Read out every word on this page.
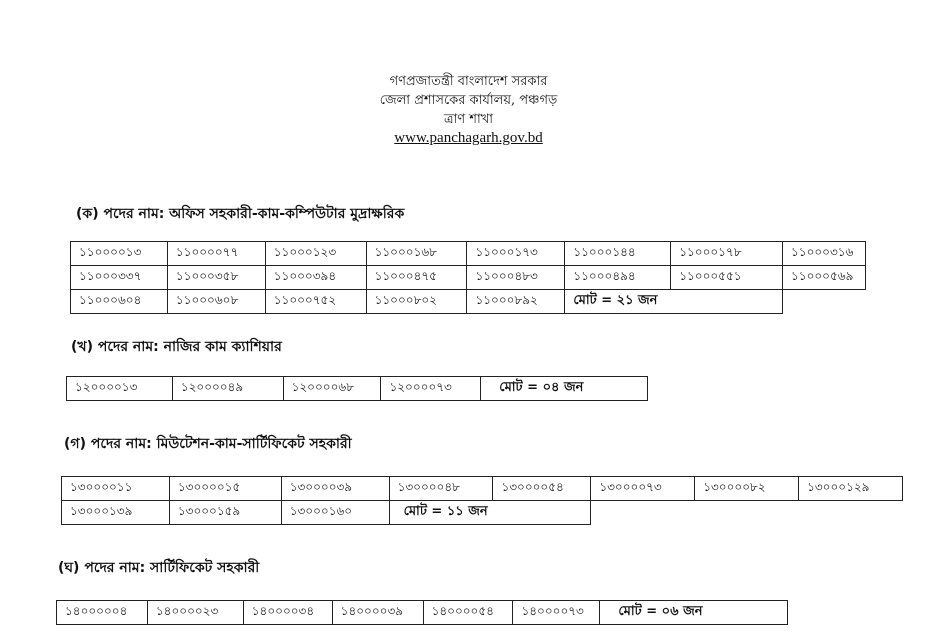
গণপ্রজাতন্ত্রী বাংলাদেশ সরকার
জেলা প্রশাসকের কার্যালয়, পঞ্চগড়
ত্রাণ শাখা
www.panchagarh.gov.bd
(ক) পদের নাম: অফিস সহকারী-কাম-কম্পিউটার মুদ্রাক্ষরিক
১১০০০০১৩	১১০০০০৭৭	১১০০০১২৩	১১০০০১৬৮	১১০০০১৭৩	১১০০০১৪৪	১১০০০১৭৮	১১০০০৩১৬
১১০০০৩৩৭	১১০০০৩৫৮	১১০০০৩৯৪	১১০০০৪৭৫	১১০০০৪৮৩	১১০০০৪৯৪	১১০০০৫৫১	১১০০০৫৬৯
১১০০০৬০৪	১১০০০৬০৮	১১০০০৭৫২	১১০০০৮০২	১১০০০৮৯২	মোট = ২১ জন		
(খ) পদের নাম: নাজির কাম ক্যাশিয়ার
১২০০০০১৩	১২০০০০৪৯	১২০০০০৬৮	১২০০০০৭৩	মোট = ০৪ জন
(গ) পদের নাম: মিউটেশন-কাম-সার্টিফিকেট সহকারী
১৩০০০০১১	১৩০০০০১৫	১৩০০০০৩৯	১৩০০০০৪৮	১৩০০০০৫৪	১৩০০০০৭৩	১৩০০০০৮২	১৩০০০১২৯
১৩০০০১৩৯	১৩০০০১৫৯	১৩০০০১৬০	মোট = ১১ জন				
(ঘ) পদের নাম: সার্টিফিকেট সহকারী
১৪০০০০০৪	১৪০০০০২৩	১৪০০০০৩৪	১৪০০০০৩৯	১৪০০০০৫৪	১৪০০০০৭৩	মোট = ০৬ জন
